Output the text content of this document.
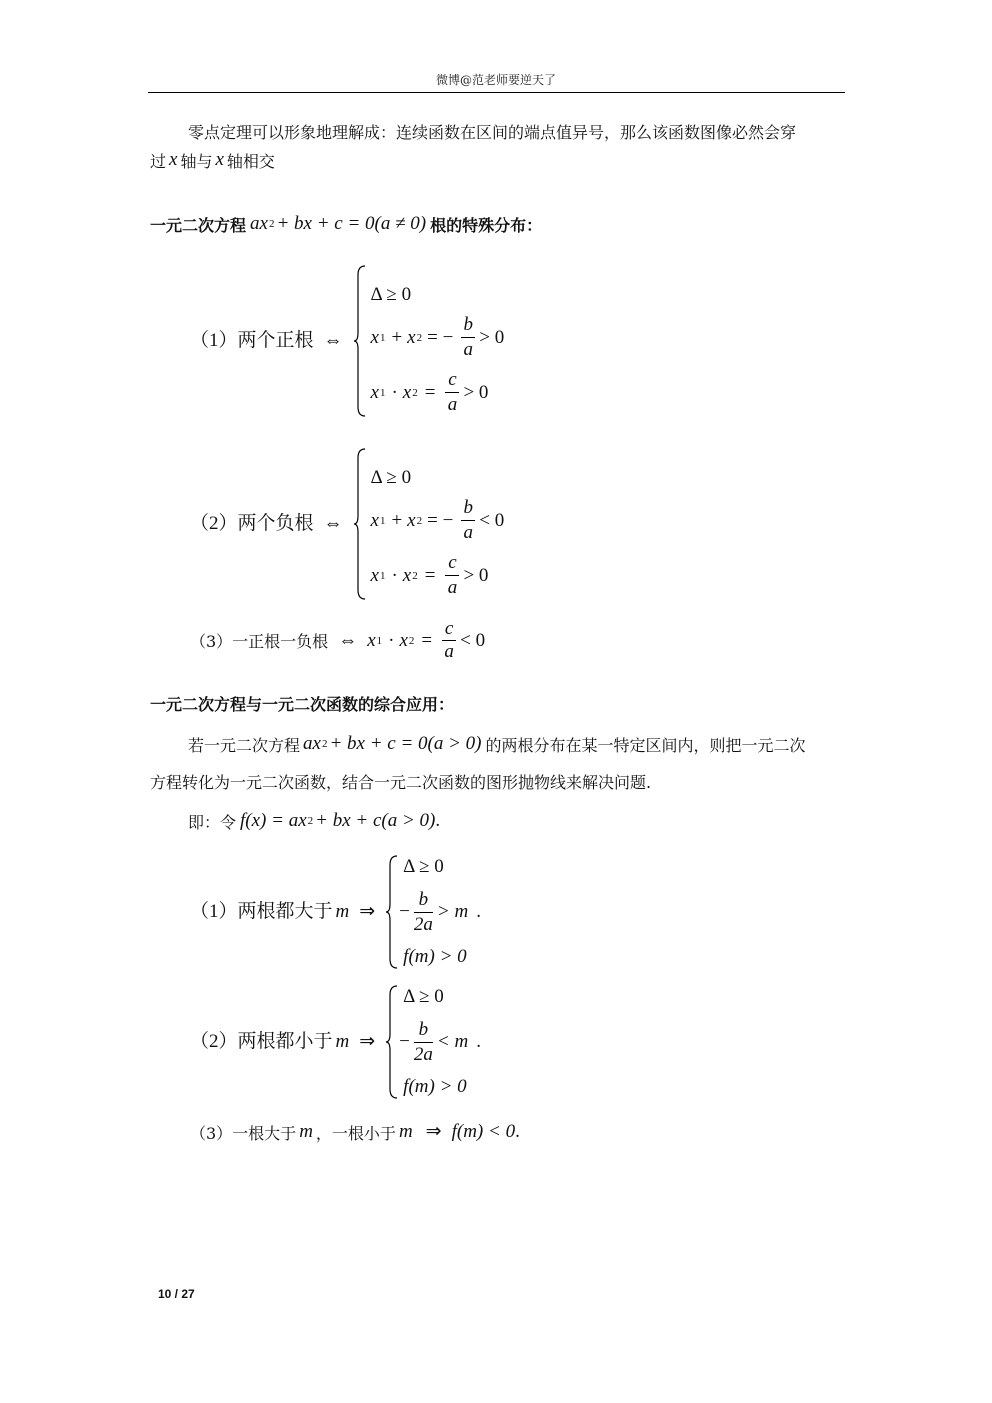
微博@范老师要逆天了
零点定理可以形象地理解成：连续函数在区间的端点值异号，那么该函数图像必然会穿
过 x 轴与 x 轴相交
一元二次方程 ax 2 + bx + c = 0(a ≠ 0) 根的特殊分布：
（1）两个正根 ⇔
Δ ≥ 0
x 1 + x 2 = − $\frac{b}{a} > 0$
x 1 · x $2 = \frac{c}{a} > 0$
（2）两个负根 ⇔
Δ ≥ 0
x 1 + x 2 = − $\frac{b}{a} < 0$
x 1 · x $2 = \frac{c}{a} > 0$
（3）一正根一负根 ⇔ x 1 · x $2 = \frac{c}{a} < 0$
一元二次方程与一元二次函数的综合应用：
若一元二次方程 ax 2 + bx + c = 0(a > 0) 的两根分布在某一特定区间内，则把一元二次
方程转化为一元二次函数，结合一元二次函数的图形抛物线来解决问题.
即：令 f (x) = ax 2 + bx + c(a > 0) .
（1）两根都大于 m ⇒
Δ ≥ 0
− $\frac{b}{2a} > m$ .
f(m) > 0
（2）两根都小于 m ⇒
Δ ≥ 0
− $\frac{b}{2a} < m$ .
f(m) > 0
（3）一根大于 m ，一根小于 m ⇒ f(m) < 0 .
10 / 27
